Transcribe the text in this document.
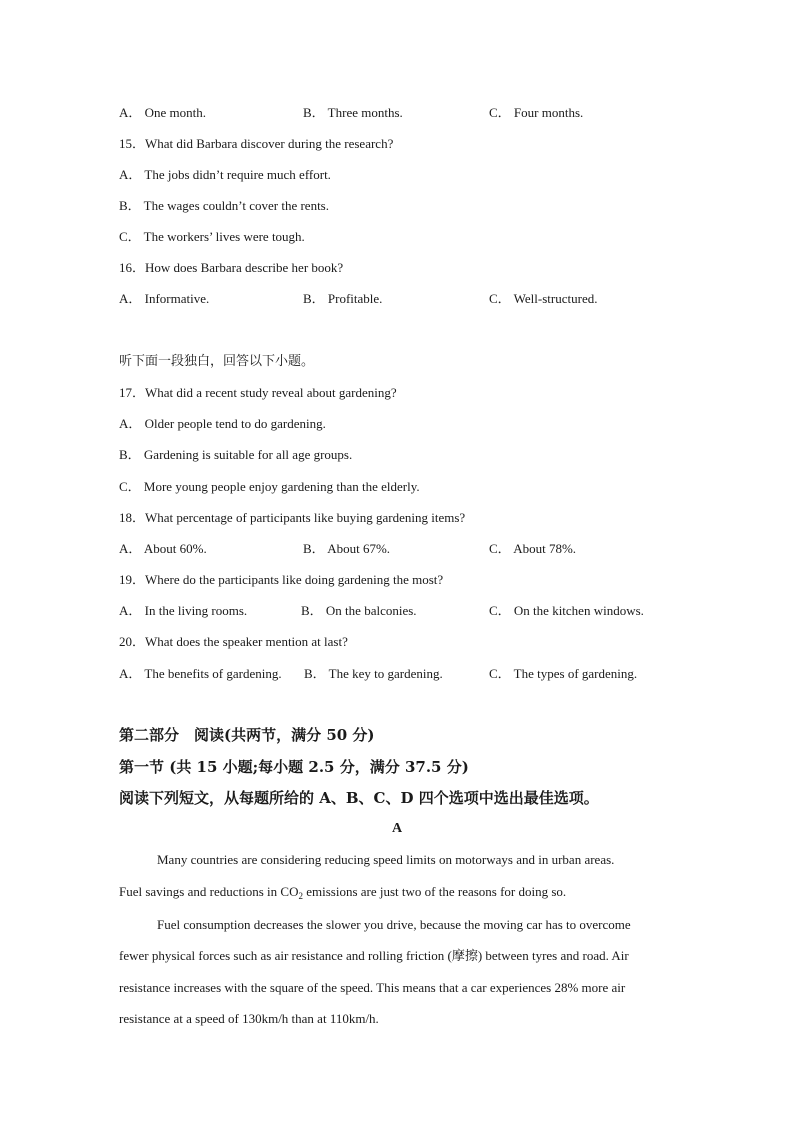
A． One month.	B． Three months.	C． Four months.
15．What did Barbara discover during the research?
A． The jobs didn’t require much effort.
B． The wages couldn’t cover the rents.
C． The workers’ lives were tough.
16．How does Barbara describe her book?
A． Informative.	B． Profitable.	C． Well-structured.
听下面一段独白，回答以下小题。
17．What did a recent study reveal about gardening?
A． Older people tend to do gardening.
B． Gardening is suitable for all age groups.
C． More young people enjoy gardening than the elderly.
18．What percentage of participants like buying gardening items?
A． About 60%.	B． About 67%.	C． About 78%.
19．Where do the participants like doing gardening the most?
A． In the living rooms.	B． On the balconies.	C． On the kitchen windows.
20．What does the speaker mention at last?
A． The benefits of gardening. B． The key to gardening.	C． The types of gardening.
第二部分　阅读(共两节，满分 50 分)
第一节 (共 15 小题;每小题 2.5 分，满分 37.5 分)
阅读下列短文，从每题所给的 A、B、C、D 四个选项中选出最佳选项。
A
Many countries are considering reducing speed limits on motorways and in urban areas.
Fuel savings and reductions in $CO_2$ emissions are just two of the reasons for doing so.
Fuel consumption decreases the slower you drive, because the moving car has to overcome
fewer physical forces such as air resistance and rolling friction (摩擦) between tyres and road. Air
resistance increases with the square of the speed. This means that a car experiences 28% more air
resistance at a speed of 130km/h than at 110km/h.
